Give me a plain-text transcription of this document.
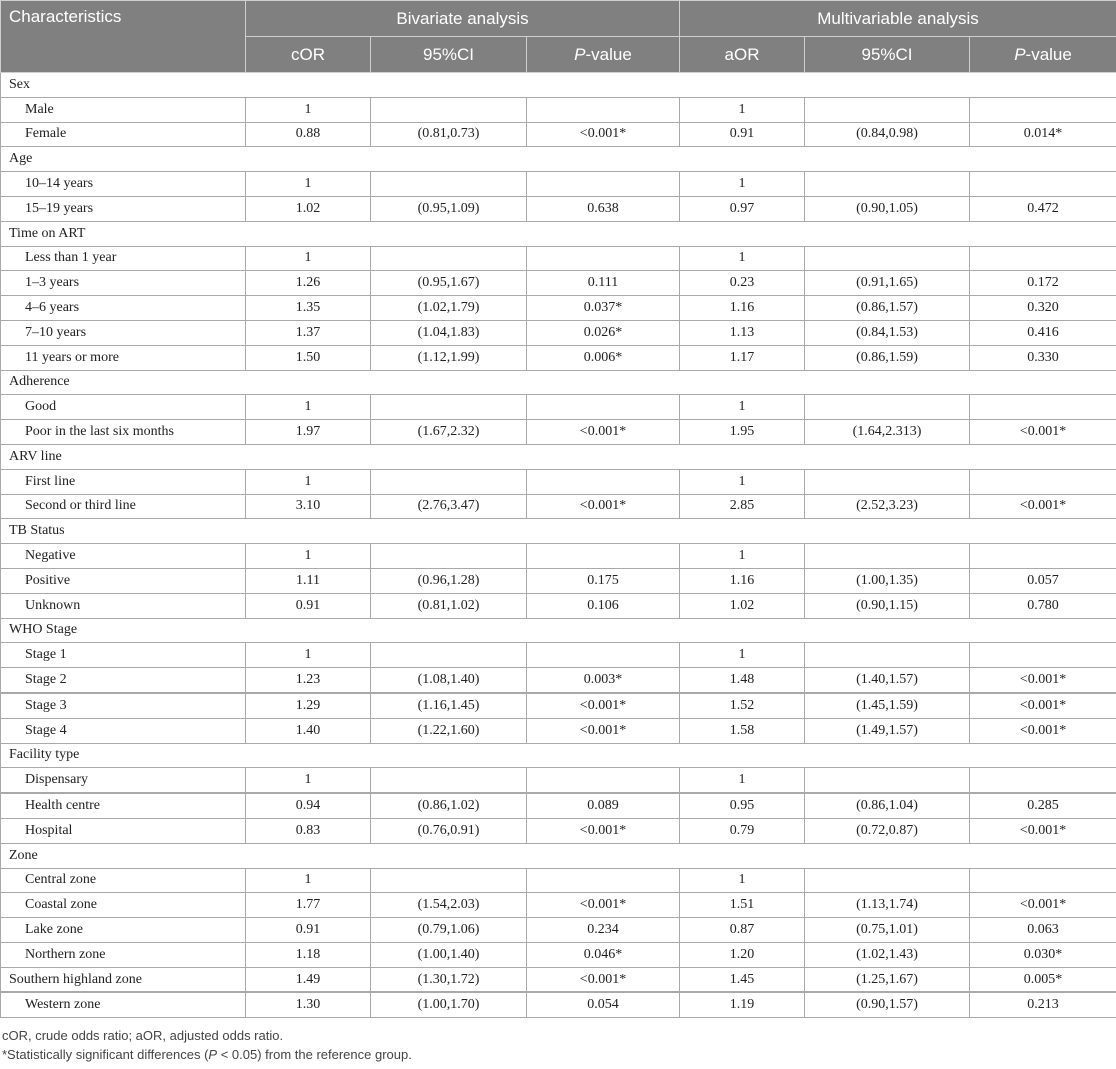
Characteristics	Bivariate analysis			Multivariable analysis		
	cOR	95%CI	P-value	aOR	95%CI	P-value
Sex						
Male	1			1		
Female	0.88	(0.81,0.73)	<0.001*	0.91	(0.84,0.98)	0.014*
Age						
10–14 years	1			1		
15–19 years	1.02	(0.95,1.09)	0.638	0.97	(0.90,1.05)	0.472
Time on ART						
Less than 1 year	1			1		
1–3 years	1.26	(0.95,1.67)	0.111	0.23	(0.91,1.65)	0.172
4–6 years	1.35	(1.02,1.79)	0.037*	1.16	(0.86,1.57)	0.320
7–10 years	1.37	(1.04,1.83)	0.026*	1.13	(0.84,1.53)	0.416
11 years or more	1.50	(1.12,1.99)	0.006*	1.17	(0.86,1.59)	0.330
Adherence						
Good	1			1		
Poor in the last six months	1.97	(1.67,2.32)	<0.001*	1.95	(1.64,2.313)	<0.001*
ARV line						
First line	1			1		
Second or third line	3.10	(2.76,3.47)	<0.001*	2.85	(2.52,3.23)	<0.001*
TB Status						
Negative	1			1		
Positive	1.11	(0.96,1.28)	0.175	1.16	(1.00,1.35)	0.057
Unknown	0.91	(0.81,1.02)	0.106	1.02	(0.90,1.15)	0.780
WHO Stage						
Stage 1	1			1		
Stage 2	1.23	(1.08,1.40)	0.003*	1.48	(1.40,1.57)	<0.001*
Stage 3	1.29	(1.16,1.45)	<0.001*	1.52	(1.45,1.59)	<0.001*
Stage 4	1.40	(1.22,1.60)	<0.001*	1.58	(1.49,1.57)	<0.001*
Facility type						
Dispensary	1			1		
Health centre	0.94	(0.86,1.02)	0.089	0.95	(0.86,1.04)	0.285
Hospital	0.83	(0.76,0.91)	<0.001*	0.79	(0.72,0.87)	<0.001*
Zone						
Central zone	1			1		
Coastal zone	1.77	(1.54,2.03)	<0.001*	1.51	(1.13,1.74)	<0.001*
Lake zone	0.91	(0.79,1.06)	0.234	0.87	(0.75,1.01)	0.063
Northern zone	1.18	(1.00,1.40)	0.046*	1.20	(1.02,1.43)	0.030*
Southern highland zone	1.49	(1.30,1.72)	<0.001*	1.45	(1.25,1.67)	0.005*
Western zone	1.30	(1.00,1.70)	0.054	1.19	(0.90,1.57)	0.213
cOR, crude odds ratio; aOR, adjusted odds ratio.
*Statistically significant differences (P < 0.05) from the reference group.
